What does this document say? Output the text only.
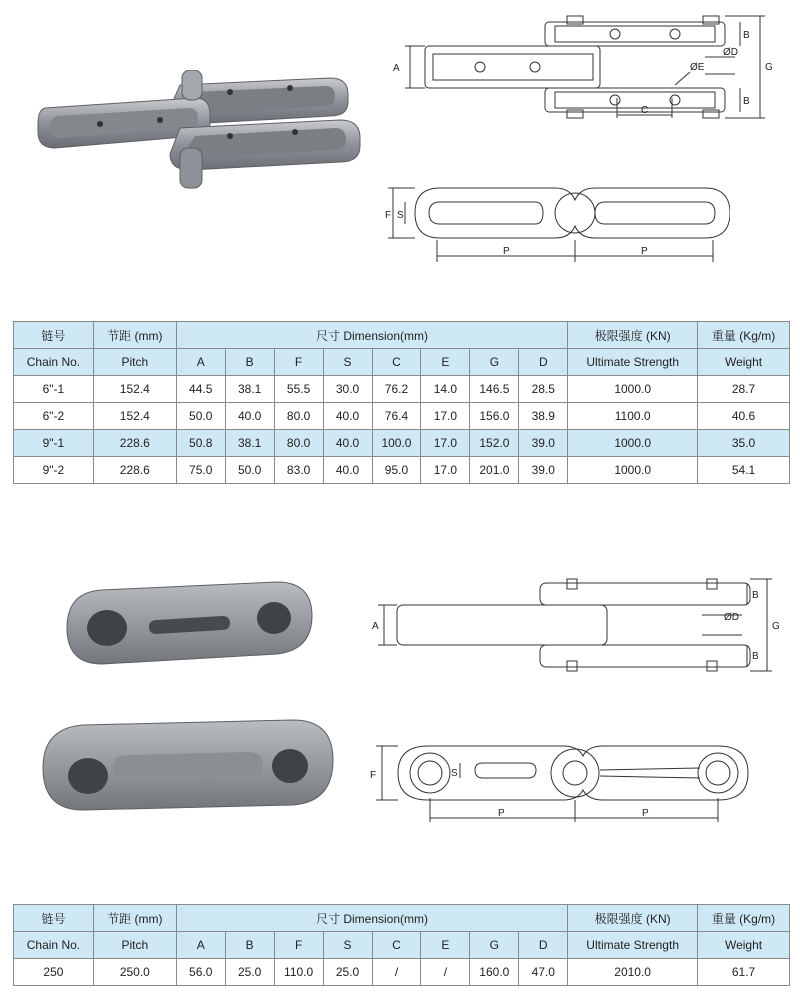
A
B
B
G
ØD
ØE
C
F S
P	P
链号	节距 (mm)	尺寸 Dimension(mm)								极限强度 (KN)	重量 (Kg/m)
Chain No.	Pitch	A	B	F	S	C	E	G	D	Ultimate Strength	Weight
6"-1	152.4	44.5	38.1	55.5	30.0	76.2	14.0	146.5	28.5	1000.0	28.7
6"-2	152.4	50.0	40.0	80.0	40.0	76.4	17.0	156.0	38.9	1100.0	40.6
9"-1	228.6	50.8	38.1	80.0	40.0	100.0	17.0	152.0	39.0	1000.0	35.0
9"-2	228.6	75.0	50.0	83.0	40.0	95.0	17.0	201.0	39.0	1000.0	54.1
A
B
B
G
ØD
F	S
P	P
链号	节距 (mm)	尺寸 Dimension(mm)								极限强度 (KN)	重量 (Kg/m)
Chain No.	Pitch	A	B	F	S	C	E	G	D	Ultimate Strength	Weight
250	250.0	56.0	25.0	110.0	25.0	/	/	160.0	47.0	2010.0	61.7
